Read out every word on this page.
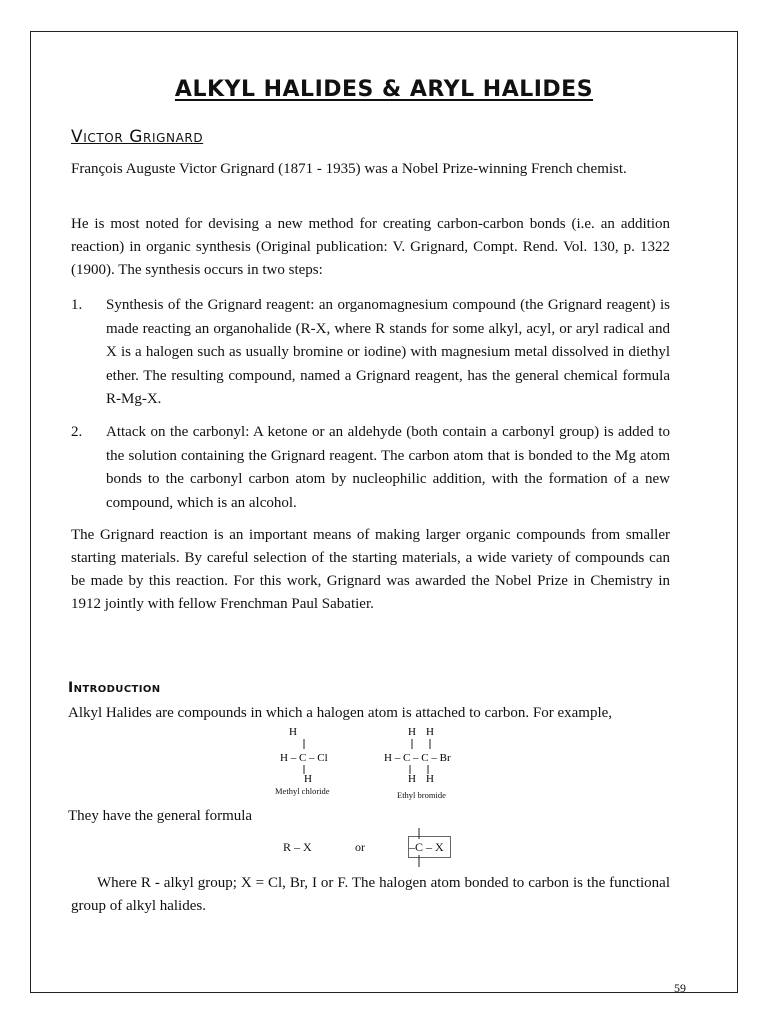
ALKYL HALIDES & ARYL HALIDES
Victor Grignard
François Auguste Victor Grignard (1871 - 1935) was a Nobel Prize-winning French chemist.
He is most noted for devising a new method for creating carbon-carbon bonds (i.e. an addition reaction) in organic synthesis (Original publication: V. Grignard, Compt. Rend. Vol. 130, p. 1322 (1900). The synthesis occurs in two steps:
1. Synthesis of the Grignard reagent: an organomagnesium compound (the Grignard reagent) is made reacting an organohalide (R-X, where R stands for some alkyl, acyl, or aryl radical and X is a halogen such as usually bromine or iodine) with magnesium metal dissolved in diethyl ether. The resulting compound, named a Grignard reagent, has the general chemical formula R-Mg-X.
2. Attack on the carbonyl: A ketone or an aldehyde (both contain a carbonyl group) is added to the solution containing the Grignard reagent. The carbon atom that is bonded to the Mg atom bonds to the carbonyl carbon atom by nucleophilic addition, with the formation of a new compound, which is an alcohol.
The Grignard reaction is an important means of making larger organic compounds from smaller starting materials. By careful selection of the starting materials, a wide variety of compounds can be made by this reaction. For this work, Grignard was awarded the Nobel Prize in Chemistry in 1912 jointly with fellow Frenchman Paul Sabatier.
Introduction
Alkyl Halides are compounds in which a halogen atom is attached to carbon. For example,
H
H – C – Cl
H
H H
H – C – C – Br
H H
Methyl chloride	Ethyl bromide
They have the general formula
R – X	or	–C – X
Where R - alkyl group; X = Cl, Br, I or F. The halogen atom bonded to carbon is the functional group of alkyl halides.
59
